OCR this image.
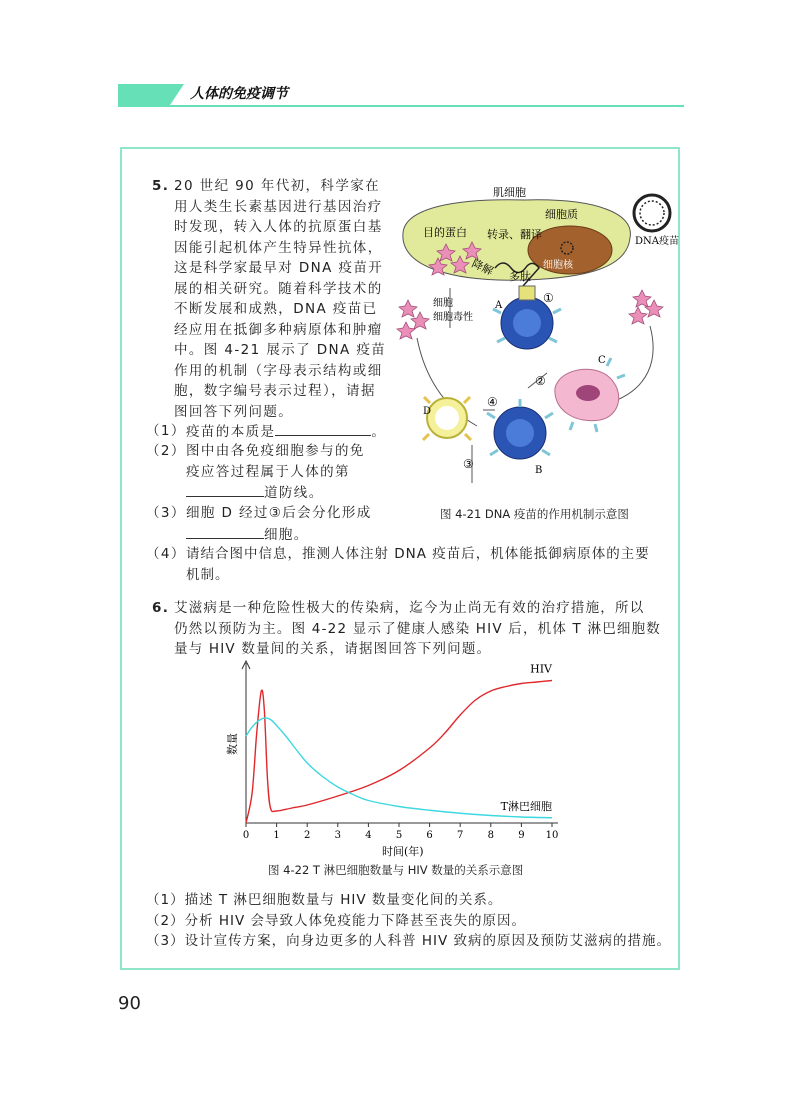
人体的免疫调节
5. 20 世纪 90 年代初，科学家在
用人类生长素基因进行基因治疗
时发现，转入人体的抗原蛋白基
因能引起机体产生特异性抗体，
这是科学家最早对 DNA 疫苗开
展的相关研究。随着科学技术的
不断发展和成熟，DNA 疫苗已
经应用在抵御多种病原体和肿瘤
中。图 4-21 展示了 DNA 疫苗
作用的机制（字母表示结构或细
胞，数字编号表示过程），请据
图回答下列问题。
（1） 疫苗的本质是	。
（2） 图中由各免疫细胞参与的免
疫应答过程属于人体的第
道防线。
（3） 细胞 D 经过③后会分化形成
细胞。
（4） 请结合图中信息，推测人体注射 DNA 疫苗后，机体能抵御病原体的主要
机制。
肌细胞
细胞质
DNA疫苗
目的蛋白 转录、翻译
降解	细胞核
多肽
细胞
细胞毒性
A
B
C
D
①
②
③
④
图 4-21 DNA 疫苗的作用机制示意图
6. 艾滋病是一种危险性极大的传染病，迄今为止尚无有效的治疗措施，所以
仍然以预防为主。图 4-22 显示了健康人感染 HIV 后，机体 T 淋巴细胞数
量与 HIV 数量间的关系，请据图回答下列问题。
0 1 2 3 4 5 6 7 8 9 10
HIV
T淋巴细胞
数量
时间(年)
图 4-22 T 淋巴细胞数量与 HIV 数量的关系示意图
（1）描述 T 淋巴细胞数量与 HIV 数量变化间的关系。
（2）分析 HIV 会导致人体免疫能力下降甚至丧失的原因。
（3）设计宣传方案，向身边更多的人科普 HIV 致病的原因及预防艾滋病的措施。
90
